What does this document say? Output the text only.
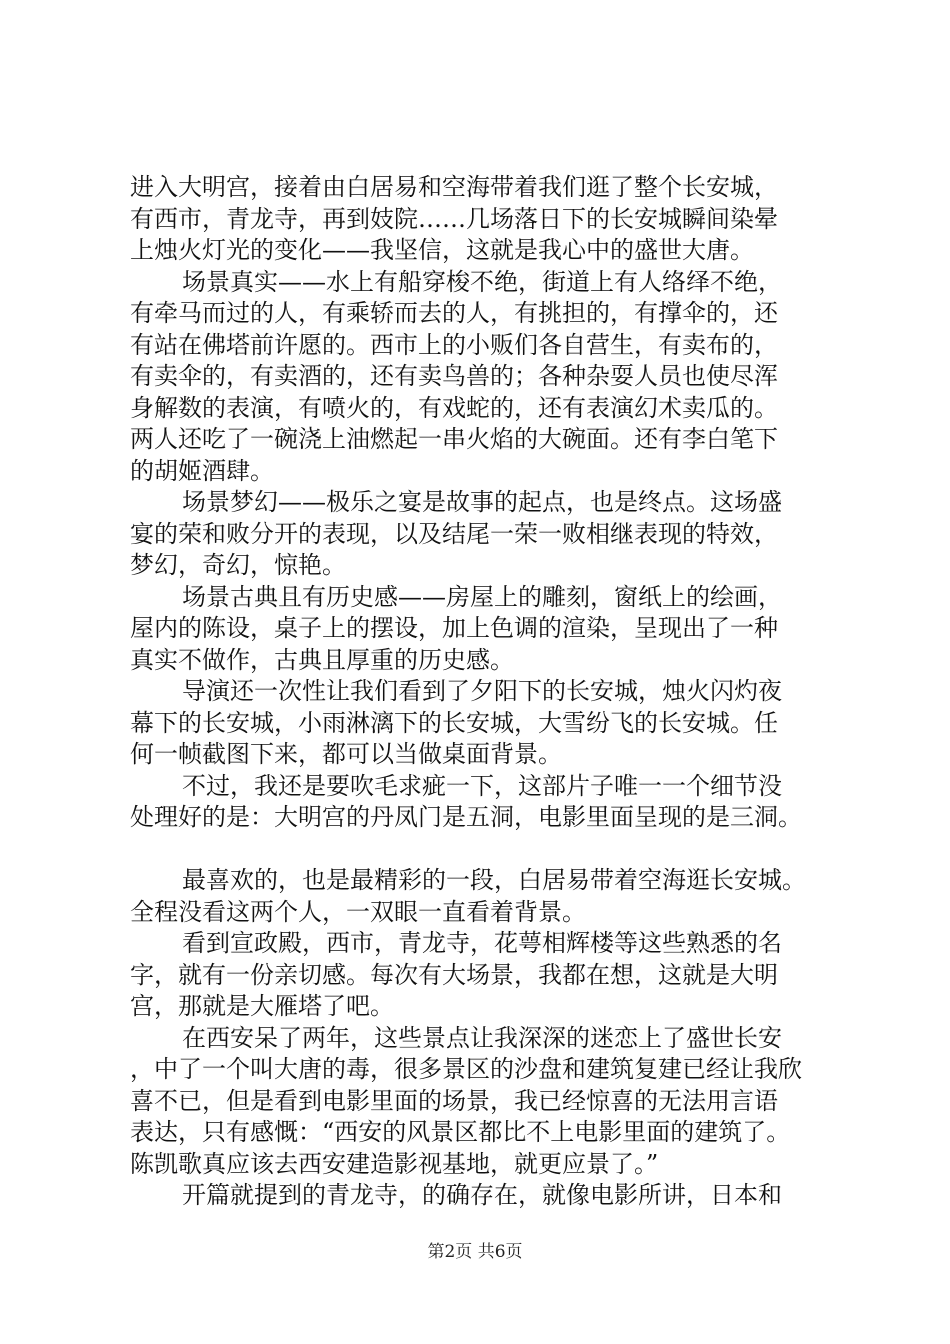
进入大明宫，接着由白居易和空海带着我们逛了整个长安城，
有西市，青龙寺，再到妓院……几场落日下的长安城瞬间染晕
上烛火灯光的变化——我坚信，这就是我心中的盛世大唐。
场景真实——水上有船穿梭不绝，街道上有人络绎不绝，
有牵马而过的人，有乘轿而去的人，有挑担的，有撑伞的，还
有站在佛塔前许愿的。西市上的小贩们各自营生，有卖布的，
有卖伞的，有卖酒的，还有卖鸟兽的；各种杂耍人员也使尽浑
身解数的表演，有喷火的，有戏蛇的，还有表演幻术卖瓜的。
两人还吃了一碗浇上油燃起一串火焰的大碗面。还有李白笔下
的胡姬酒肆。
场景梦幻——极乐之宴是故事的起点，也是终点。这场盛
宴的荣和败分开的表现，以及结尾一荣一败相继表现的特效，
梦幻，奇幻，惊艳。
场景古典且有历史感——房屋上的雕刻，窗纸上的绘画，
屋内的陈设，桌子上的摆设，加上色调的渲染，呈现出了一种
真实不做作，古典且厚重的历史感。
导演还一次性让我们看到了夕阳下的长安城，烛火闪灼夜
幕下的长安城，小雨淋漓下的长安城，大雪纷飞的长安城。任
何一帧截图下来，都可以当做桌面背景。
不过，我还是要吹毛求疵一下，这部片子唯一一个细节没
处理好的是：大明宫的丹凤门是五洞，电影里面呈现的是三洞。
最喜欢的，也是最精彩的一段，白居易带着空海逛长安城。
全程没看这两个人，一双眼一直看着背景。
看到宣政殿，西市，青龙寺，花萼相辉楼等这些熟悉的名
字，就有一份亲切感。每次有大场景，我都在想，这就是大明
宫，那就是大雁塔了吧。
在西安呆了两年，这些景点让我深深的迷恋上了盛世长安
，中了一个叫大唐的毒，很多景区的沙盘和建筑复建已经让我欣
喜不已，但是看到电影里面的场景，我已经惊喜的无法用言语
表达，只有感慨：“西安的风景区都比不上电影里面的建筑了。
陈凯歌真应该去西安建造影视基地，就更应景了。”
开篇就提到的青龙寺，的确存在，就像电影所讲，日本和
第2页 共6页
